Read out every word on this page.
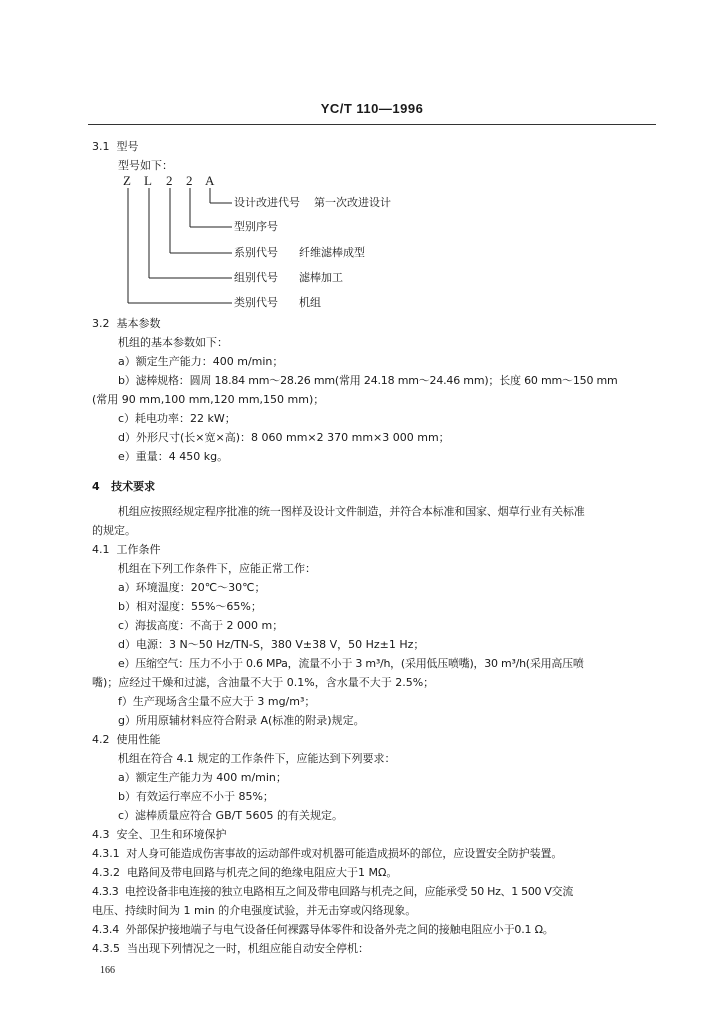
YC/T 110—1996
3.1 型号
型号如下：
Z L 2 2 A
设计改进代号 第一次改进设计
型别序号
系别代号 纤维滤棒成型
组别代号 滤棒加工
类别代号 机组
3.2 基本参数
机组的基本参数如下：
a）额定生产能力：400 m/min；
b）滤棒规格：圆周 18.84 mm～28.26 mm(常用 24.18 mm～24.46 mm)；长度 60 mm～150 mm
(常用 90 mm,100 mm,120 mm,150 mm)；
c）耗电功率：22 kW；
d）外形尺寸(长×宽×高)：8 060 mm×2 370 mm×3 000 mm；
e）重量：4 450 kg。
4 技术要求
机组应按照经规定程序批准的统一图样及设计文件制造，并符合本标准和国家、烟草行业有关标准
的规定。
4.1 工作条件
机组在下列工作条件下，应能正常工作：
a）环境温度：20℃～30℃；
b）相对湿度：55%～65%；
c）海拔高度：不高于 2 000 m；
d）电源：3 N～50 Hz/TN-S，380 V±38 V，50 Hz±1 Hz；
e）压缩空气：压力不小于 0.6 MPa，流量不小于 3 m³/h，(采用低压喷嘴)，30 m³/h(采用高压喷
嘴)；应经过干燥和过滤，含油量不大于 0.1%，含水量不大于 2.5%；
f）生产现场含尘量不应大于 3 mg/m³；
g）所用原辅材料应符合附录 A(标准的附录)规定。
4.2 使用性能
机组在符合 4.1 规定的工作条件下，应能达到下列要求：
a）额定生产能力为 400 m/min；
b）有效运行率应不小于 85%；
c）滤棒质量应符合 GB/T 5605 的有关规定。
4.3 安全、卫生和环境保护
4.3.1 对人身可能造成伤害事故的运动部件或对机器可能造成损坏的部位，应设置安全防护装置。
4.3.2 电路间及带电回路与机壳之间的绝缘电阻应大于1 MΩ。
4.3.3 电控设备非电连接的独立电路相互之间及带电回路与机壳之间，应能承受 50 Hz、1 500 V交流
电压、持续时间为 1 min 的介电强度试验，并无击穿或闪络现象。
4.3.4 外部保护接地端子与电气设备任何裸露导体零件和设备外壳之间的接触电阻应小于0.1 Ω。
4.3.5 当出现下列情况之一时，机组应能自动安全停机：
166
